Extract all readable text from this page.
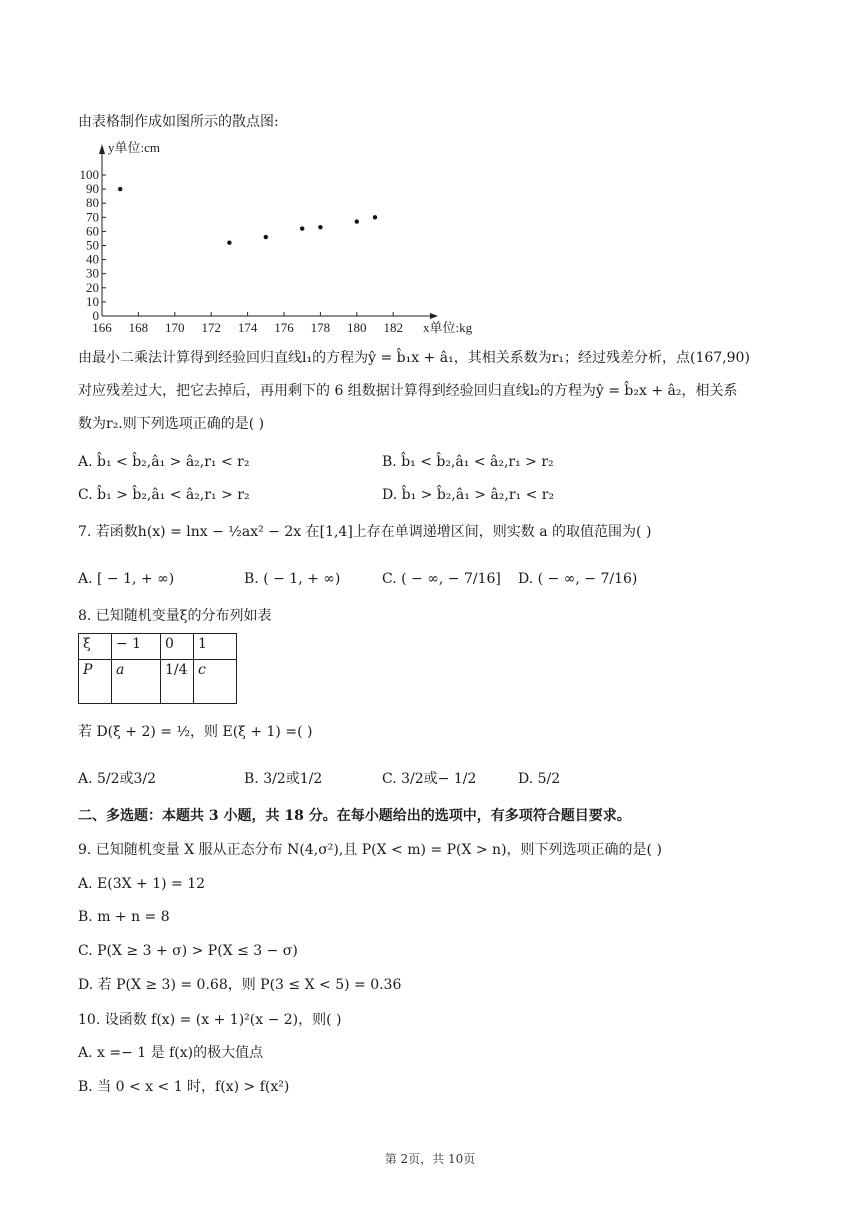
由表格制作成如图所示的散点图:
0
10
20
30
40
50
60
70
80
90
100
166 168 170 172 174 176 178 180 182
y单位:cm
x单位:kg
由最小二乘法计算得到经验回归直线l₁的方程为ŷ = b̂₁x + â₁，其相关系数为r₁；经过残差分析，点(167,90)
对应残差过大，把它去掉后，再用剩下的 6 组数据计算得到经验回归直线l₂的方程为ŷ = b̂₂x + â₂，相关系
数为r₂.则下列选项正确的是( )
A. b̂₁ < b̂₂,â₁ > â₂,r₁ < r₂	B. b̂₁ < b̂₂,â₁ < â₂,r₁ > r₂
C. b̂₁ > b̂₂,â₁ < â₂,r₁ > r₂	D. b̂₁ > b̂₂,â₁ > â₂,r₁ < r₂
7. 若函数h(x) = lnx − ½ax² − 2x 在[1,4]上存在单调递增区间，则实数 a 的取值范围为( )
A. [ − 1, + ∞)	B. ( − 1, + ∞)	C. ( − ∞, − 7/16] D. ( − ∞, − 7/16)
8. 已知随机变量ξ的分布列如表
ξ	− 1	0	1
P	a	1/4	c
若 D(ξ + 2) = ½，则 E(ξ + 1) =( )
A. 5/2或3/2	B. 3/2或1/2	C. 3/2或− 1/2	D. 5/2
二、多选题：本题共 3 小题，共 18 分。在每小题给出的选项中，有多项符合题目要求。
9. 已知随机变量 X 服从正态分布 N(4,σ²),且 P(X < m) = P(X > n)，则下列选项正确的是( )
A. E(3X + 1) = 12
B. m + n = 8
C. P(X ≥ 3 + σ) > P(X ≤ 3 − σ)
D. 若 P(X ≥ 3) = 0.68，则 P(3 ≤ X < 5) = 0.36
10. 设函数 f(x) = (x + 1)²(x − 2)，则( )
A. x =− 1 是 f(x)的极大值点
B. 当 0 < x < 1 时，f(x) > f(x²)
第 2页，共 10页
